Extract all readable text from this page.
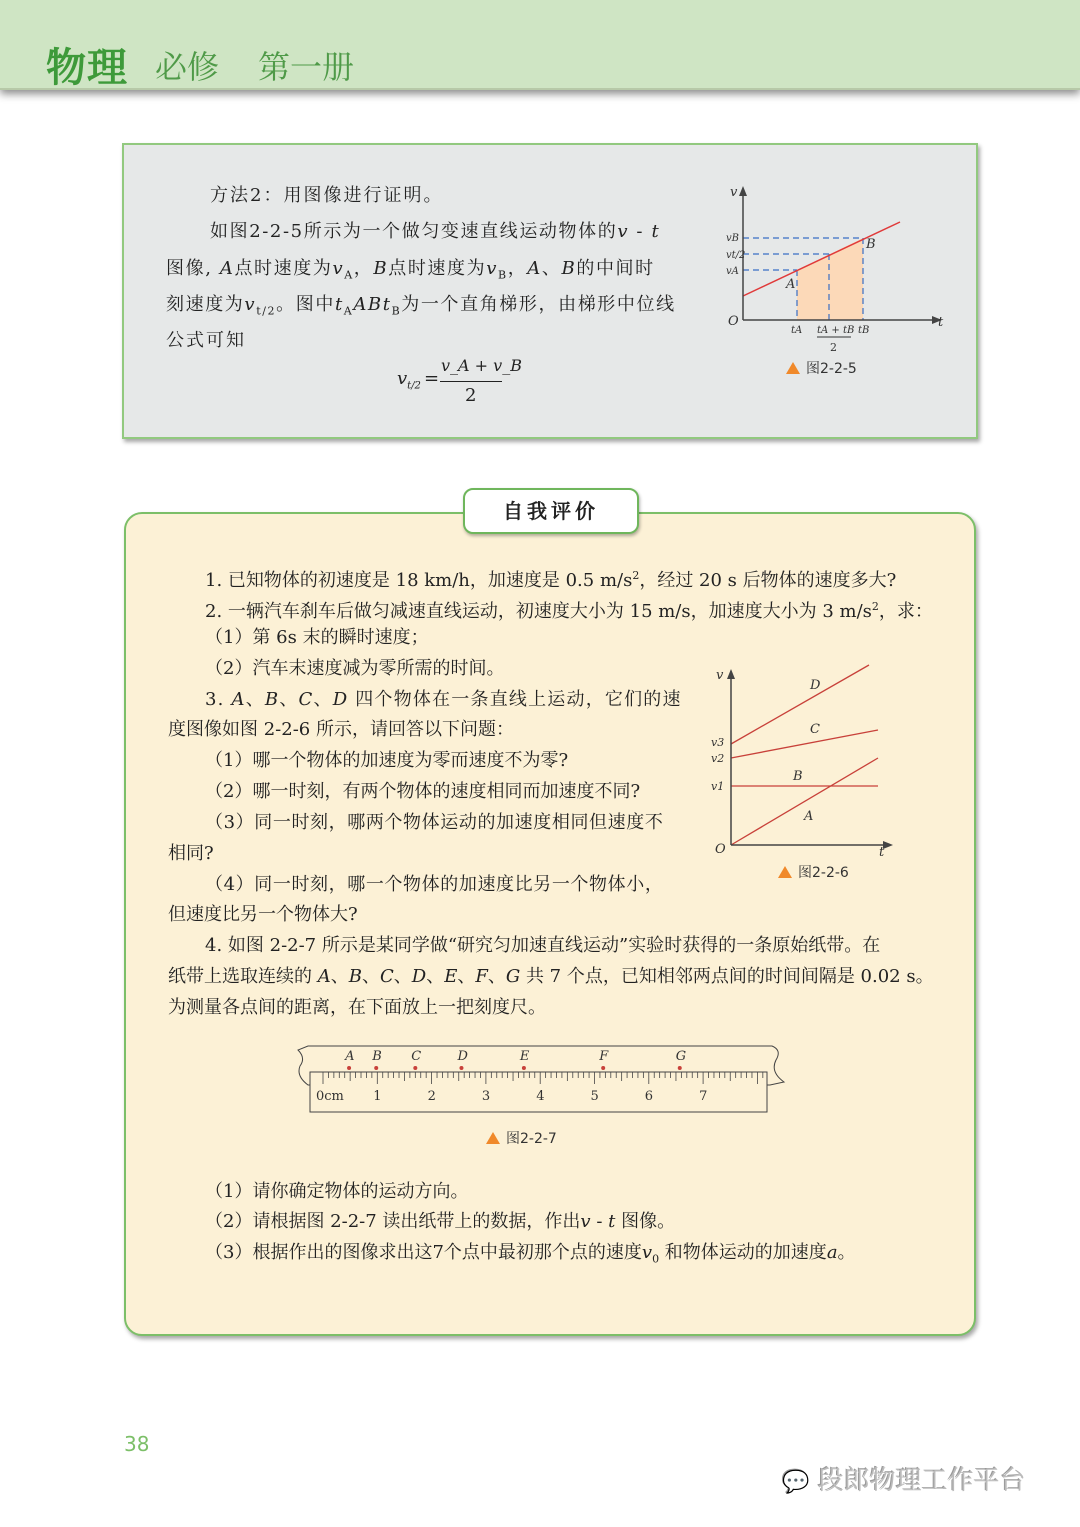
物理 必修 第一册
方法2：用图像进行证明。
如图2-2-5所示为一个做匀变速直线运动物体的v - t
图像, A点时速度为$v_A$，B点时速度为$v_B$，A、B的中间时
刻速度为$v_{t/2}$。图中$t_AABt_B$为一个直角梯形，由梯形中位线
公式可知
$v_{t/2}$ =
v_A + v_B
2
v
t
O
vB
vt/2
vA
tA tA + tB
2
tB
A
B
图2-2-5
自我评价
1. 已知物体的初速度是 18 km/h，加速度是 0.5 $m/s^2$，经过 20 s 后物体的速度多大?
2. 一辆汽车刹车后做匀减速直线运动，初速度大小为 15 m/s，加速度大小为 3 $m/s^2$，求：
（1）第 6s 末的瞬时速度；
（2）汽车末速度减为零所需的时间。
3. A、B、C、D 四个物体在一条直线上运动，它们的速
度图像如图 2-2-6 所示，请回答以下问题：
（1）哪一个物体的加速度为零而速度不为零?
（2）哪一时刻，有两个物体的速度相同而加速度不同?
（3）同一时刻，哪两个物体运动的加速度相同但速度不
相同?
（4）同一时刻，哪一个物体的加速度比另一个物体小，
但速度比另一个物体大?
4. 如图 2-2-7 所示是某同学做“研究匀加速直线运动”实验时获得的一条原始纸带。在
纸带上选取连续的 A、B、C、D、E、F、G 共 7 个点，已知相邻两点间的时间间隔是 0.02 s。
为测量各点间的距离，在下面放上一把刻度尺。
（1）请你确定物体的运动方向。
（2）请根据图 2-2-7 读出纸带上的数据，作出v - t 图像。
（3）根据作出的图像求出这7个点中最初那个点的速度$v_0$ 和物体运动的加速度a。
v
t
O
v3
v2
v1
D
C
B
A
图2-2-6
1	2	3	4	5	6	7
0cm
A B C	D	E	F	G
图2-2-7
38
💬 段郎物理工作平台
